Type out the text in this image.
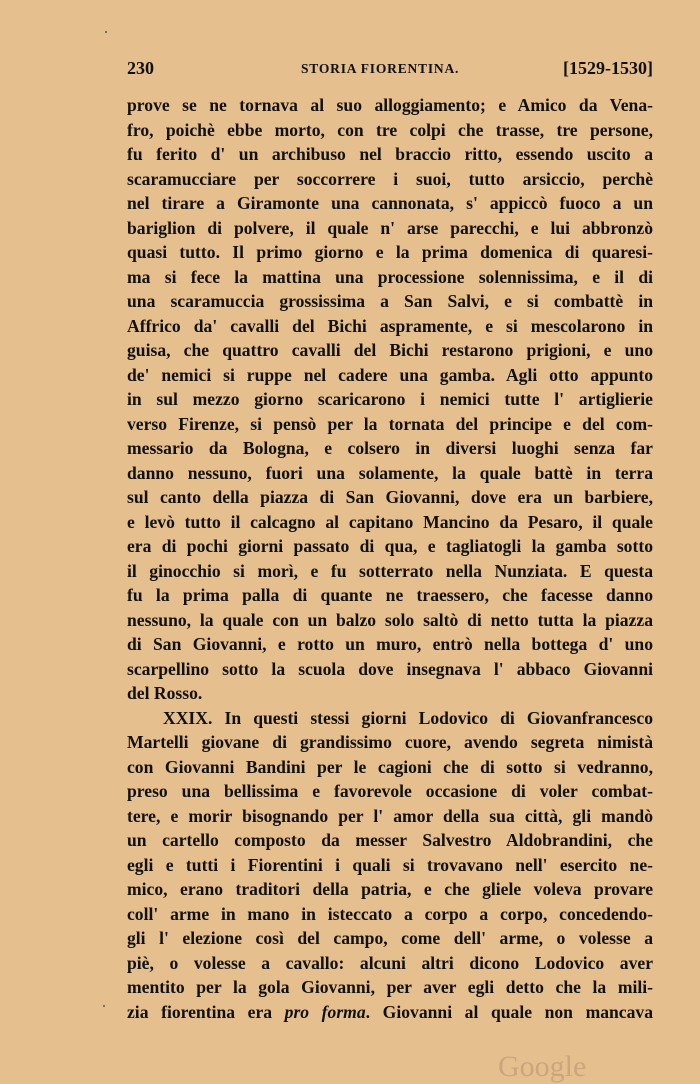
230	STORIA FIORENTINA.	[1529-1530]
prove se ne tornava al suo alloggiamento; e Amico da Vena-
fro, poichè ebbe morto, con tre colpi che trasse, tre persone,
fu ferito d' un archibuso nel braccio ritto, essendo uscito a
scaramucciare per soccorrere i suoi, tutto arsiccio, perchè
nel tirare a Giramonte una cannonata, s' appiccò fuoco a un
bariglion di polvere, il quale n' arse parecchi, e lui abbronzò
quasi tutto. Il primo giorno e la prima domenica di quaresi-
ma si fece la mattina una processione solennissima, e il di
una scaramuccia grossissima a San Salvi, e si combattè in
Affrico da' cavalli del Bichi aspramente, e si mescolarono in
guisa, che quattro cavalli del Bichi restarono prigioni, e uno
de' nemici si ruppe nel cadere una gamba. Agli otto appunto
in sul mezzo giorno scaricarono i nemici tutte l' artiglierie
verso Firenze, si pensò per la tornata del principe e del com-
messario da Bologna, e colsero in diversi luoghi senza far
danno nessuno, fuori una solamente, la quale battè in terra
sul canto della piazza di San Giovanni, dove era un barbiere,
e levò tutto il calcagno al capitano Mancino da Pesaro, il quale
era di pochi giorni passato di qua, e tagliatogli la gamba sotto
il ginocchio si morì, e fu sotterrato nella Nunziata. E questa
fu la prima palla di quante ne traessero, che facesse danno
nessuno, la quale con un balzo solo saltò di netto tutta la piazza
di San Giovanni, e rotto un muro, entrò nella bottega d' uno
scarpellino sotto la scuola dove insegnava l' abbaco Giovanni
del Rosso.
XXIX. In questi stessi giorni Lodovico di Giovanfrancesco
Martelli giovane di grandissimo cuore, avendo segreta nimistà
con Giovanni Bandini per le cagioni che di sotto si vedranno,
preso una bellissima e favorevole occasione di voler combat-
tere, e morir bisognando per l' amor della sua città, gli mandò
un cartello composto da messer Salvestro Aldobrandini, che
egli e tutti i Fiorentini i quali si trovavano nell' esercito ne-
mico, erano traditori della patria, e che gliele voleva provare
coll' arme in mano in isteccato a corpo a corpo, concedendo-
gli l' elezione così del campo, come dell' arme, o volesse a
piè, o volesse a cavallo: alcuni altri dicono Lodovico aver
mentito per la gola Giovanni, per aver egli detto che la mili-
zia fiorentina era pro forma. Giovanni al quale non mancava
Google
